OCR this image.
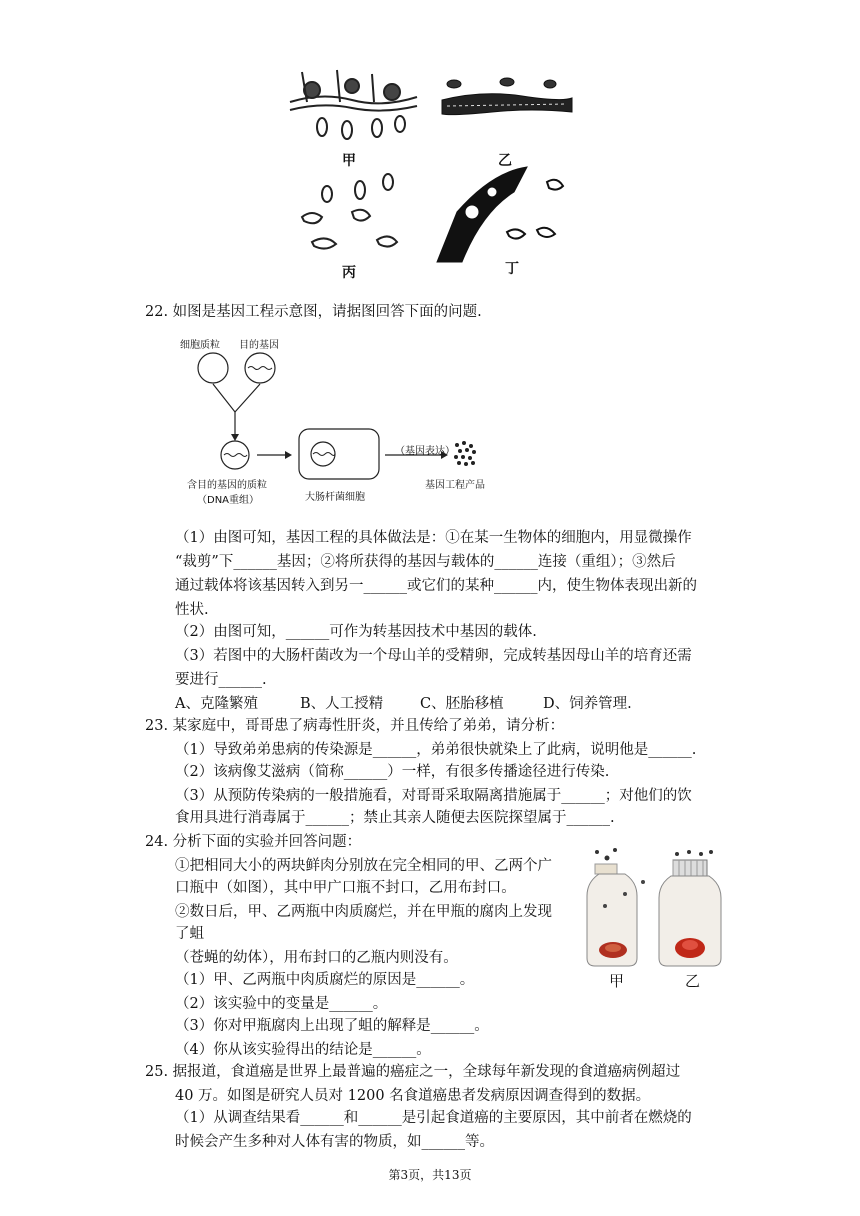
甲	乙
丙	丁
22. 如图是基因工程示意图，请据图回答下面的问题.
细胞质粒 目的基因
含目的基因的质粒
（DNA重组）	大肠杆菌细胞
（基因表达）
基因工程产品
（1）由图可知，基因工程的具体做法是：①在某一生物体的细胞内，用显微操作
“裁剪”下______基因；②将所获得的基因与载体的______连接（重组）；③然后
通过载体将该基因转入到另一______或它们的某种______内，使生物体表现出新的
性状.
（2）由图可知，______可作为转基因技术中基因的载体.
（3）若图中的大肠杆菌改为一个母山羊的受精卵，完成转基因母山羊的培育还需
要进行______.
A、克隆繁殖	B、人工授精	C、胚胎移植	D、饲养管理.
23. 某家庭中，哥哥患了病毒性肝炎，并且传给了弟弟，请分析：
（1）导致弟弟患病的传染源是______，弟弟很快就染上了此病，说明他是______.
（2）该病像艾滋病（简称______）一样，有很多传播途径进行传染.
（3）从预防传染病的一般措施看，对哥哥采取隔离措施属于______；对他们的饮
食用具进行消毒属于______；禁止其亲人随便去医院探望属于______.
24. 分析下面的实验并回答问题：
①把相同大小的两块鲜肉分别放在完全相同的甲、乙两个广
口瓶中（如图），其中甲广口瓶不封口，乙用布封口。
②数日后，甲、乙两瓶中肉质腐烂，并在甲瓶的腐肉上发现
了蛆
（苍蝇的幼体），用布封口的乙瓶内则没有。
（1）甲、乙两瓶中肉质腐烂的原因是______。
（2）该实验中的变量是______。
（3）你对甲瓶腐肉上出现了蛆的解释是______。
（4）你从该实验得出的结论是______。
甲	乙
25. 据报道，食道癌是世界上最普遍的癌症之一，全球每年新发现的食道癌病例超过
40 万。如图是研究人员对 1200 名食道癌患者发病原因调查得到的数据。
（1）从调查结果看______和______是引起食道癌的主要原因，其中前者在燃烧的
时候会产生多种对人体有害的物质，如______等。
第3页，共13页
